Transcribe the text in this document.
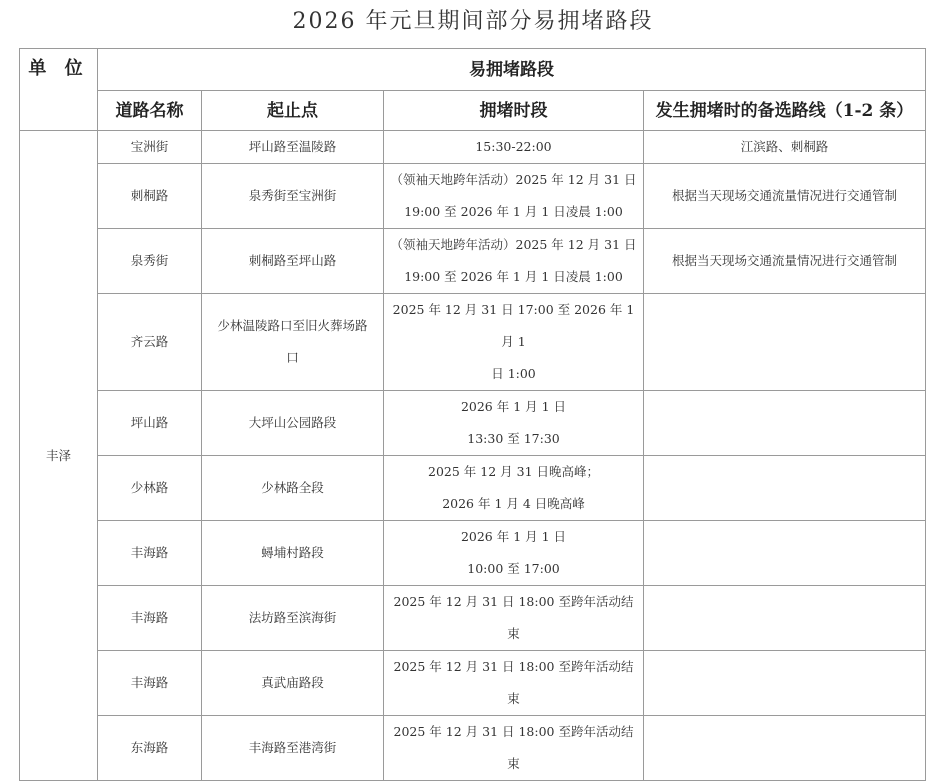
2026 年元旦期间部分易拥堵路段
单 位	易拥堵路段			
	道路名称	起止点	拥堵时段	发生拥堵时的备选路线（1-2 条）
丰泽	宝洲街	坪山路至温陵路	15:30-22:00	江滨路、刺桐路
	刺桐路	泉秀街至宝洲街	（领袖天地跨年活动）2025 年 12 月 31 日
19:00 至 2026 年 1 月 1 日凌晨 1:00	根据当天现场交通流量情况进行交通管制
	泉秀街	刺桐路至坪山路	（领袖天地跨年活动）2025 年 12 月 31 日
19:00 至 2026 年 1 月 1 日凌晨 1:00	根据当天现场交通流量情况进行交通管制
	齐云路	少林温陵路口至旧火葬场路
口	2025 年 12 月 31 日 17:00 至 2026 年 1 月 1
日 1:00	

	坪山路	大坪山公园路段	2026 年 1 月 1 日
13:30 至 17:30	

	少林路	少林路全段	2025 年 12 月 31 日晚高峰；
2026 年 1 月 4 日晚高峰	

	丰海路	蟳埔村路段	2026 年 1 月 1 日
10:00 至 17:00	

	丰海路	法坊路至滨海街	2025 年 12 月 31 日 18:00 至跨年活动结束	

	丰海路	真武庙路段	2025 年 12 月 31 日 18:00 至跨年活动结束	

	东海路	丰海路至港湾街	2025 年 12 月 31 日 18:00 至跨年活动结束	
